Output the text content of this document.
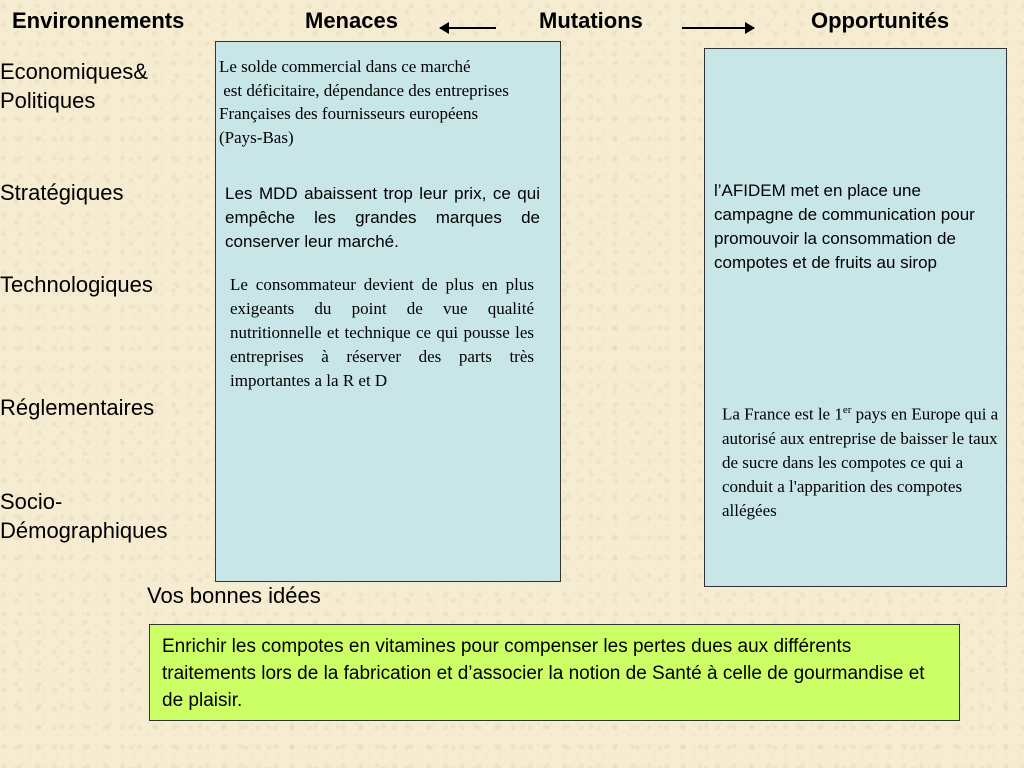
Environnements	Menaces	Mutations	Opportunités
Economiques& Politiques
Stratégiques
Technologiques
Réglementaires
Socio- Démographiques
Le solde commercial dans ce marché
est déficitaire, dépendance des entreprises
Françaises des fournisseurs européens
(Pays-Bas)
Les MDD abaissent trop leur prix, ce qui empêche les grandes marques de conserver leur marché.
Le consommateur devient de plus en plus exigeants du point de vue qualité nutritionnelle et technique ce qui pousse les entreprises à réserver des parts très importantes a la R et D
l’AFIDEM met en place une campagne de communication pour promouvoir la consommation de compotes et de fruits au sirop
La France est le 1er pays en Europe qui a autorisé aux entreprise de baisser le taux de sucre dans les compotes ce qui a conduit a l'apparition des compotes allégées
Vos bonnes idées
Enrichir les compotes en vitamines pour compenser les pertes dues aux différents traitements lors de la fabrication et d’associer la notion de Santé à celle de gourmandise et de plaisir.
